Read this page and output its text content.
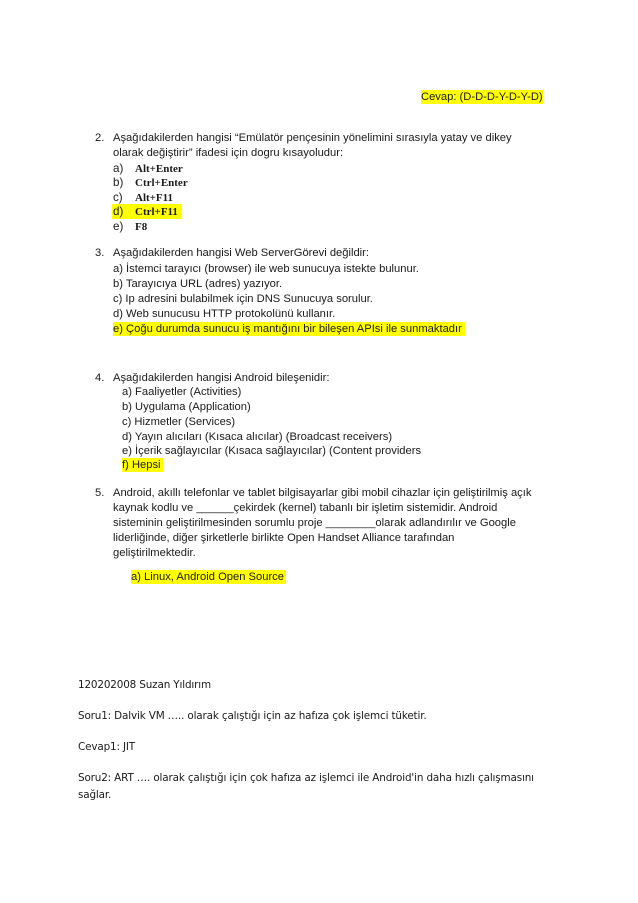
Cevap: (D-D-D-Y-D-Y-D)
2. Aşağıdakilerden hangisi “Emülatör pençesinin yönelimini sırasıyla yatay ve dikey
olarak değiştirir” ifadesi için dogru kısayoludur:
a) Alt+Enter
b) Ctrl+Enter
c) Alt+F11
d) Ctrl+F11
e) F8
3. Aşağıdakilerden hangisi Web ServerGörevi değildir:
a) İstemci tarayıcı (browser) ile web sunucuya istekte bulunur.
b) Tarayıcıya URL (adres) yazıyor.
c) Ip adresini bulabilmek için DNS Sunucuya sorulur.
d) Web sunucusu HTTP protokolünü kullanır.
e) Çoğu durumda sunucu iş mantığını bir bileşen APIsi ile sunmaktadır
4. Aşağıdakilerden hangisi Android bileşenidir:
a) Faaliyetler (Activities)
b) Uygulama (Application)
c) Hizmetler (Services)
d) Yayın alıcıları (Kısaca alıcılar) (Broadcast receivers)
e) İçerik sağlayıcılar (Kısaca sağlayıcılar) (Content providers
f) Hepsi
5. Android, akıllı telefonlar ve tablet bilgisayarlar gibi mobil cihazlar için geliştirilmiş açık
kaynak kodlu ve ______çekirdek (kernel) tabanlı bir işletim sistemidir. Android
sisteminin geliştirilmesinden sorumlu proje ________olarak adlandırılır ve Google
liderliğinde, diğer şirketlerle birlikte Open Handset Alliance tarafından
geliştirilmektedir.
a) Linux, Android Open Source
120202008 Suzan Yıldırım
Soru1: Dalvik VM ….. olarak çalıştığı için az hafıza çok işlemci tüketir.
Cevap1: JIT
Soru2: ART …. olarak çalıştığı için çok hafıza az işlemci ile Android'in daha hızlı çalışmasını
sağlar.
